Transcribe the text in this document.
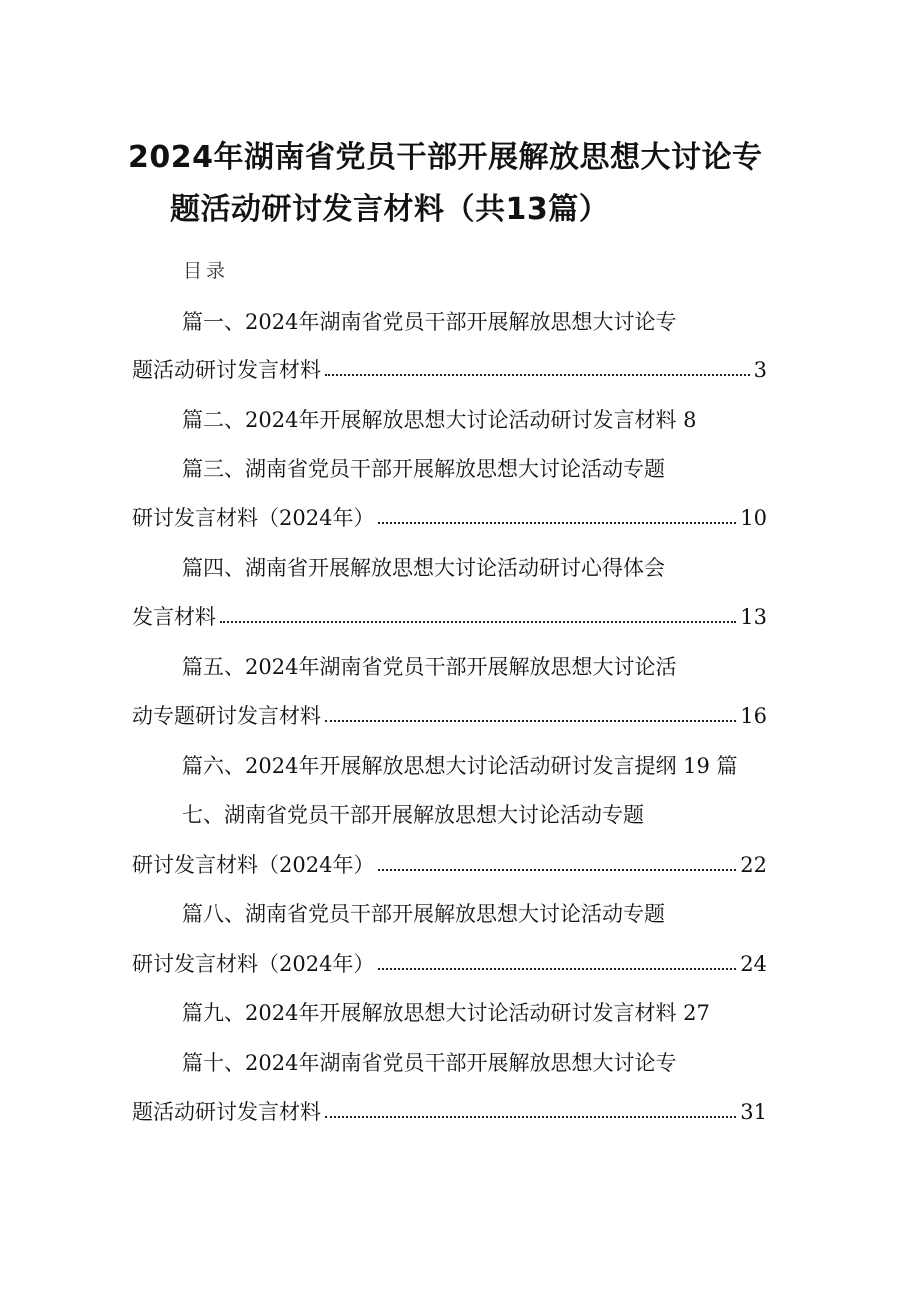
2024年湖南省党员干部开展解放思想大讨论专
题活动研讨发言材料（共13篇）
目录
篇一、2024年湖南省党员干部开展解放思想大讨论专
题活动研讨发言材料	3
篇二、2024年开展解放思想大讨论活动研讨发言材料 8
篇三、湖南省党员干部开展解放思想大讨论活动专题
研讨发言材料（2024年）	10
篇四、湖南省开展解放思想大讨论活动研讨心得体会
发言材料	13
篇五、2024年湖南省党员干部开展解放思想大讨论活
动专题研讨发言材料	16
篇六、2024年开展解放思想大讨论活动研讨发言提纲 19 篇
七、湖南省党员干部开展解放思想大讨论活动专题
研讨发言材料（2024年）	22
篇八、湖南省党员干部开展解放思想大讨论活动专题
研讨发言材料（2024年）	24
篇九、2024年开展解放思想大讨论活动研讨发言材料 27
篇十、2024年湖南省党员干部开展解放思想大讨论专
题活动研讨发言材料	31
